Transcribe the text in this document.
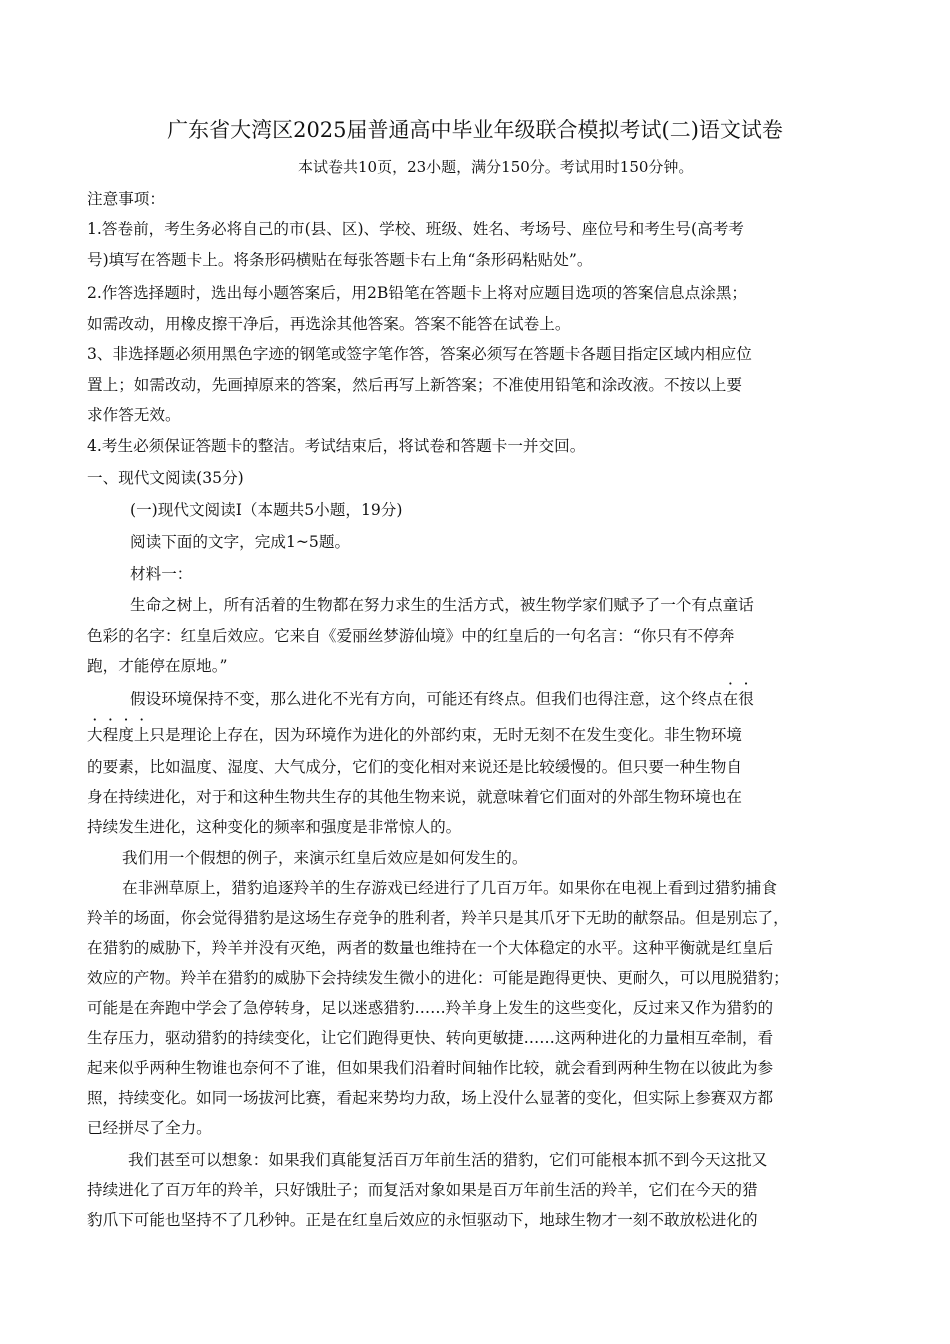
广东省大湾区2025届普通高中毕业年级联合模拟考试(二)语文试卷
本试卷共10页，23小题，满分150分。考试用时150分钟。
注意事项：
1.答卷前，考生务必将自己的市(县、区)、学校、班级、姓名、考场号、座位号和考生号(高考考
号)填写在答题卡上。将条形码横贴在每张答题卡右上角“条形码粘贴处”。
2.作答选择题时，选出每小题答案后，用2B铅笔在答题卡上将对应题目选项的答案信息点涂黑；
如需改动，用橡皮擦干净后，再选涂其他答案。答案不能答在试卷上。
3、非选择题必须用黑色字迹的钢笔或签字笔作答，答案必须写在答题卡各题目指定区域内相应位
置上；如需改动，先画掉原来的答案，然后再写上新答案；不准使用铅笔和涂改液。不按以上要
求作答无效。
4.考生必须保证答题卡的整洁。考试结束后，将试卷和答题卡一并交回。
一、现代文阅读(35分)
(一)现代文阅读Ⅰ（本题共5小题，19分)
阅读下面的文字，完成1~5题。
材料一：
生命之树上，所有活着的生物都在努力求生的生活方式，被生物学家们赋予了一个有点童话
色彩的名字：红皇后效应。它来自《爱丽丝梦游仙境》中的红皇后的一句名言：“你只有不停奔
跑，才能停在原地。”
假设环境保持不变，那么进化不光有方向，可能还有终点。但我们也得注意，这个终点在很
大程度上只是理论上存在，因为环境作为进化的外部约束，无时无刻不在发生变化。非生物环境
的要素，比如温度、湿度、大气成分，它们的变化相对来说还是比较缓慢的。但只要一种生物自
身在持续进化，对于和这种生物共生存的其他生物来说，就意味着它们面对的外部生物环境也在
持续发生进化，这种变化的频率和强度是非常惊人的。
我们用一个假想的例子，来演示红皇后效应是如何发生的。
在非洲草原上，猎豹追逐羚羊的生存游戏已经进行了几百万年。如果你在电视上看到过猎豹捕食
羚羊的场面，你会觉得猎豹是这场生存竞争的胜利者，羚羊只是其爪牙下无助的献祭品。但是别忘了，
在猎豹的威胁下，羚羊并没有灭绝，两者的数量也维持在一个大体稳定的水平。这种平衡就是红皇后
效应的产物。羚羊在猎豹的威胁下会持续发生微小的进化：可能是跑得更快、更耐久，可以甩脱猎豹；
可能是在奔跑中学会了急停转身，足以迷惑猎豹……羚羊身上发生的这些变化，反过来又作为猎豹的
生存压力，驱动猎豹的持续变化，让它们跑得更快、转向更敏捷……这两种进化的力量相互牵制，看
起来似乎两种生物谁也奈何不了谁，但如果我们沿着时间轴作比较，就会看到两种生物在以彼此为参
照，持续变化。如同一场拔河比赛，看起来势均力敌，场上没什么显著的变化，但实际上参赛双方都
已经拼尽了全力。
我们甚至可以想象：如果我们真能复活百万年前生活的猎豹，它们可能根本抓不到今天这批又
持续进化了百万年的羚羊，只好饿肚子；而复活对象如果是百万年前生活的羚羊，它们在今天的猎
豹爪下可能也坚持不了几秒钟。正是在红皇后效应的永恒驱动下，地球生物才一刻不敢放松进化的
